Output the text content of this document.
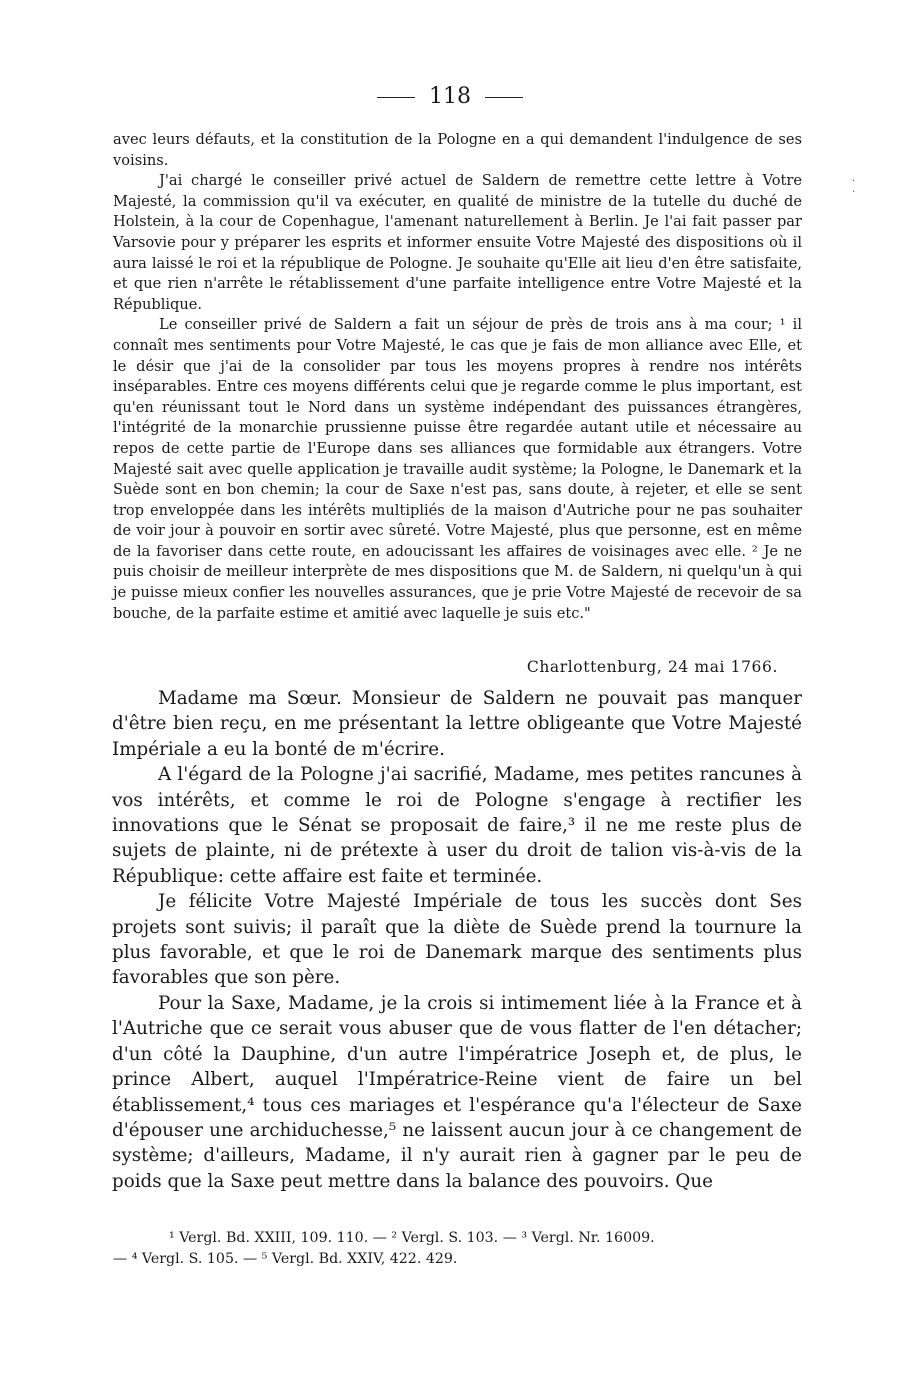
118
· ·

avec leurs défauts, et la constitution de la Pologne en a qui demandent l'indulgence de ses voisins.

J'ai chargé le conseiller privé actuel de Saldern de remettre cette lettre à Votre Majesté, la commission qu'il va exécuter, en qualité de ministre de la tutelle du duché de Holstein, à la cour de Copenhague, l'amenant naturellement à Berlin. Je l'ai fait passer par Varsovie pour y préparer les esprits et informer ensuite Votre Majesté des dispositions où il aura laissé le roi et la république de Pologne. Je souhaite qu'Elle ait lieu d'en être satisfaite, et que rien n'arrête le rétablissement d'une parfaite intelligence entre Votre Majesté et la République.

Le conseiller privé de Saldern a fait un séjour de près de trois ans à ma cour; ¹ il connaît mes sentiments pour Votre Majesté, le cas que je fais de mon alliance avec Elle, et le désir que j'ai de la consolider par tous les moyens propres à rendre nos intérêts inséparables. Entre ces moyens différents celui que je regarde comme le plus important, est qu'en réunissant tout le Nord dans un système indépendant des puissances étrangères, l'intégrité de la monarchie prussienne puisse être regardée autant utile et nécessaire au repos de cette partie de l'Europe dans ses alliances que formidable aux étrangers. Votre Majesté sait avec quelle application je travaille audit système; la Pologne, le Danemark et la Suède sont en bon chemin; la cour de Saxe n'est pas, sans doute, à rejeter, et elle se sent trop enveloppée dans les intérêts multipliés de la maison d'Autriche pour ne pas souhaiter de voir jour à pouvoir en sortir avec sûreté. Votre Majesté, plus que personne, est en même de la favoriser dans cette route, en adoucissant les affaires de voisinages avec elle. ² Je ne puis choisir de meilleur interprète de mes dispositions que M. de Saldern, ni quelqu'un à qui je puisse mieux confier les nouvelles assurances, que je prie Votre Majesté de recevoir de sa bouche, de la parfaite estime et amitié avec laquelle je suis etc."

Charlottenburg, 24 mai 1766.

Madame ma Sœur. Monsieur de Saldern ne pouvait pas manquer d'être bien reçu, en me présentant la lettre obligeante que Votre Majesté Impériale a eu la bonté de m'écrire.

A l'égard de la Pologne j'ai sacrifié, Madame, mes petites rancunes à vos intérêts, et comme le roi de Pologne s'engage à rectifier les innovations que le Sénat se proposait de faire,³ il ne me reste plus de sujets de plainte, ni de prétexte à user du droit de talion vis-à-vis de la République: cette affaire est faite et terminée.

Je félicite Votre Majesté Impériale de tous les succès dont Ses projets sont suivis; il paraît que la diète de Suède prend la tournure la plus favorable, et que le roi de Danemark marque des sentiments plus favorables que son père.

Pour la Saxe, Madame, je la crois si intimement liée à la France et à l'Autriche que ce serait vous abuser que de vous flatter de l'en détacher; d'un côté la Dauphine, d'un autre l'impératrice Joseph et, de plus, le prince Albert, auquel l'Impératrice-Reine vient de faire un bel établissement,⁴ tous ces mariages et l'espérance qu'a l'électeur de Saxe d'épouser une archiduchesse,⁵ ne laissent aucun jour à ce changement de système; d'ailleurs, Madame, il n'y aurait rien à gagner par le peu de poids que la Saxe peut mettre dans la balance des pouvoirs. Que

¹ Vergl. Bd. XXIII, 109. 110. — ² Vergl. S. 103. — ³ Vergl. Nr. 16009.
— ⁴ Vergl. S. 105. — ⁵ Vergl. Bd. XXIV, 422. 429.
